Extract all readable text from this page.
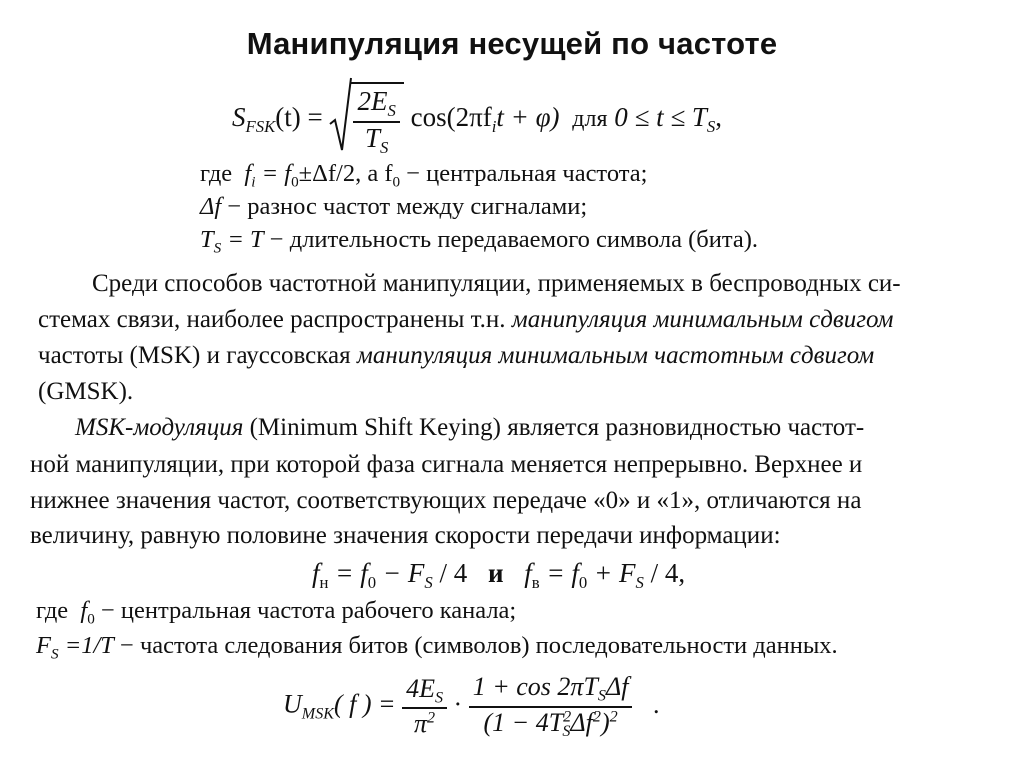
Манипуляция несущей по частоте
$S_{FSK}(t) = \frac{2E_S}{T_S} \cos(2\pi f_it + \varphi)$ для $0 \le t \le T_S$,
где $f_i = f_0\pm\Delta f/2$, а $f_0$ − центральная частота;
Δf − разнос частот между сигналами;
$T_S = T$ − длительность передаваемого символа (бита).
Среди способов частотной манипуляции, применяемых в беспроводных си-
стемах связи, наиболее распространены т.н. манипуляция минимальным сдвигом
частоты (MSK) и гауссовская манипуляция минимальным частотным сдвигом
(GMSK).
MSK-модуляция (Minimum Shift Keying) является разновидностью частот-
ной манипуляции, при которой фаза сигнала меняется непрерывно. Верхнее и
нижнее значения частот, соответствующих передаче «0» и «1», отличаются на
величину, равную половине значения скорости передачи информации:
$f_н = f_0 - F_S / 4$ и $f_в = f_0 + F_S / 4$,
где $f_0$ − центральная частота рабочего канала;
$F_S =1/T$ − частота следования битов (символов) последовательности данных.
$U_{MSK}$( f ) = $\frac{4E_S}{\pi^2} \cdot \frac{1 + \cos 2\pi T_S\Delta f}{(1 - 4T^2_S\Delta f^2)^2}$ .
